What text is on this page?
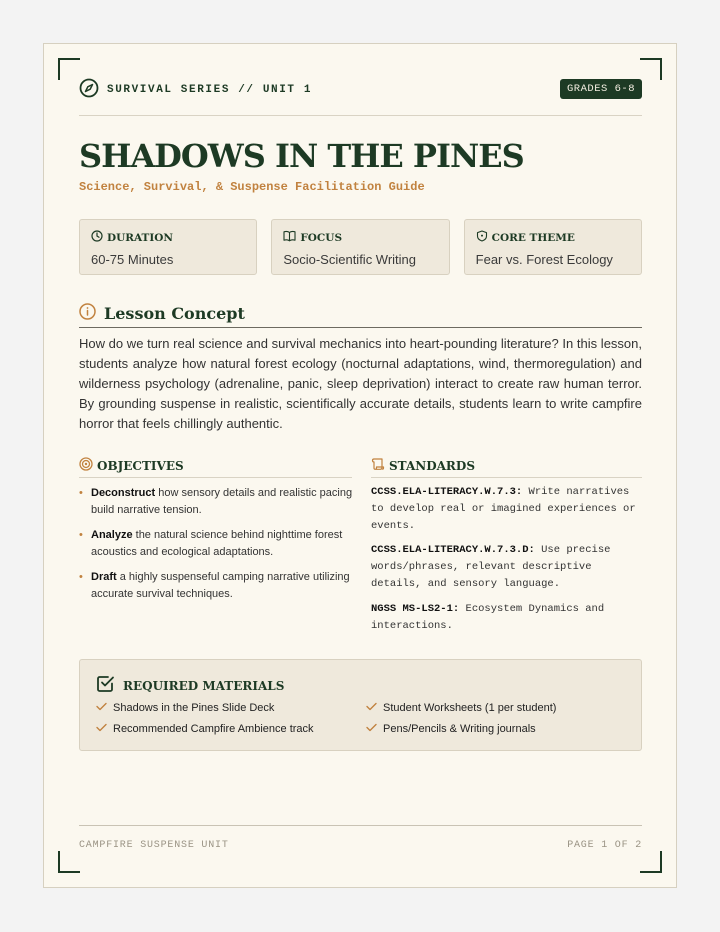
SURVIVAL SERIES // UNIT 1	GRADES 6-8
SHADOWS IN THE PINES
Science, Survival, & Suspense Facilitation Guide
DURATION
60-75 Minutes
FOCUS
Socio-Scientific Writing
CORE THEME
Fear vs. Forest Ecology
Lesson Concept

How do we turn real science and survival mechanics into heart-pounding literature? In this lesson, students analyze how natural forest ecology (nocturnal adaptations, wind, thermoregulation) and wilderness psychology (adrenaline, panic, sleep deprivation) interact to create raw human terror. By grounding suspense in realistic, scientifically accurate details, students learn to write campfire horror that feels chillingly authentic.

OBJECTIVES
• Deconstruct how sensory details and realistic pacing build narrative tension.
• Analyze the natural science behind nighttime forest acoustics and ecological adaptations.
• Draft a highly suspenseful camping narrative utilizing accurate survival techniques.
STANDARDS

CCSS.ELA-LITERACY.W.7.3: Write narratives to develop real or imagined experiences or events.

CCSS.ELA-LITERACY.W.7.3.D: Use precise words/phrases, relevant descriptive details, and sensory language.

NGSS MS-LS2-1: Ecosystem Dynamics and interactions.

REQUIRED MATERIALS
Shadows in the Pines Slide Deck	Student Worksheets (1 per student)
Recommended Campfire Ambience track	Pens/Pencils & Writing journals
CAMPFIRE SUSPENSE UNIT	PAGE 1 OF 2
